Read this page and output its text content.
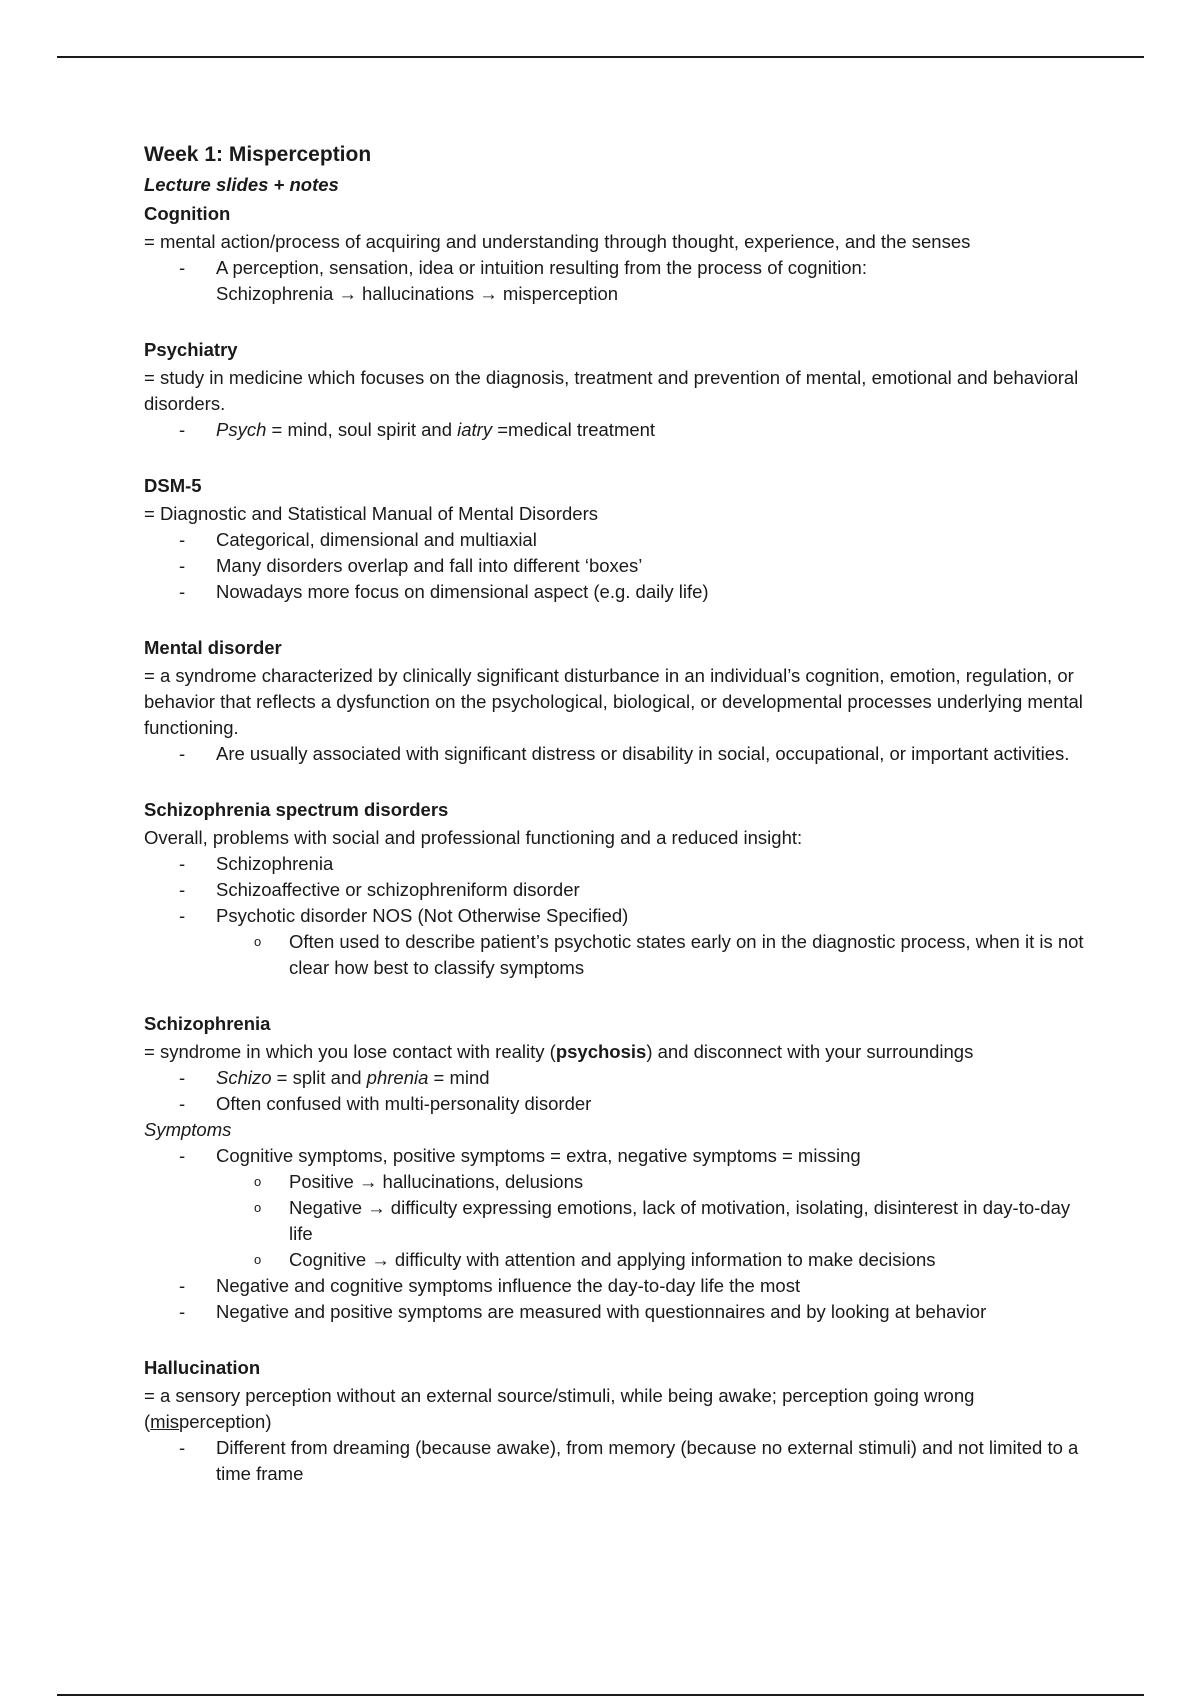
Week 1: Misperception

Lecture slides + notes

Cognition

= mental action/process of acquiring and understanding through thought, experience, and the senses

- A perception, sensation, idea or intuition resulting from the process of cognition:
Schizophrenia → hallucinations → misperception
Psychiatry

= study in medicine which focuses on the diagnosis, treatment and prevention of mental, emotional and behavioral disorders.

- Psych = mind, soul spirit and iatry =medical treatment
DSM-5

= Diagnostic and Statistical Manual of Mental Disorders

- Categorical, dimensional and multiaxial
- Many disorders overlap and fall into different ‘boxes’
- Nowadays more focus on dimensional aspect (e.g. daily life)
Mental disorder

= a syndrome characterized by clinically significant disturbance in an individual’s cognition, emotion, regulation, or behavior that reflects a dysfunction on the psychological, biological, or developmental processes underlying mental functioning.

- Are usually associated with significant distress or disability in social, occupational, or important activities.
Schizophrenia spectrum disorders

Overall, problems with social and professional functioning and a reduced insight:

- Schizophrenia
- Schizoaffective or schizophreniform disorder
- Psychotic disorder NOS (Not Otherwise Specified)
o Often used to describe patient’s psychotic states early on in the diagnostic process, when it is not clear how best to classify symptoms
Schizophrenia

= syndrome in which you lose contact with reality (psychosis) and disconnect with your surroundings

- Schizo = split and phrenia = mind
- Often confused with multi-personality disorder

Symptoms

- Cognitive symptoms, positive symptoms = extra, negative symptoms = missing
o Positive → hallucinations, delusions
o Negative → difficulty expressing emotions, lack of motivation, isolating, disinterest in day-to-day life
o Cognitive → difficulty with attention and applying information to make decisions
- Negative and cognitive symptoms influence the day-to-day life the most
- Negative and positive symptoms are measured with questionnaires and by looking at behavior
Hallucination

= a sensory perception without an external source/stimuli, while being awake; perception going wrong (misperception)

- Different from dreaming (because awake), from memory (because no external stimuli) and not limited to a time frame
